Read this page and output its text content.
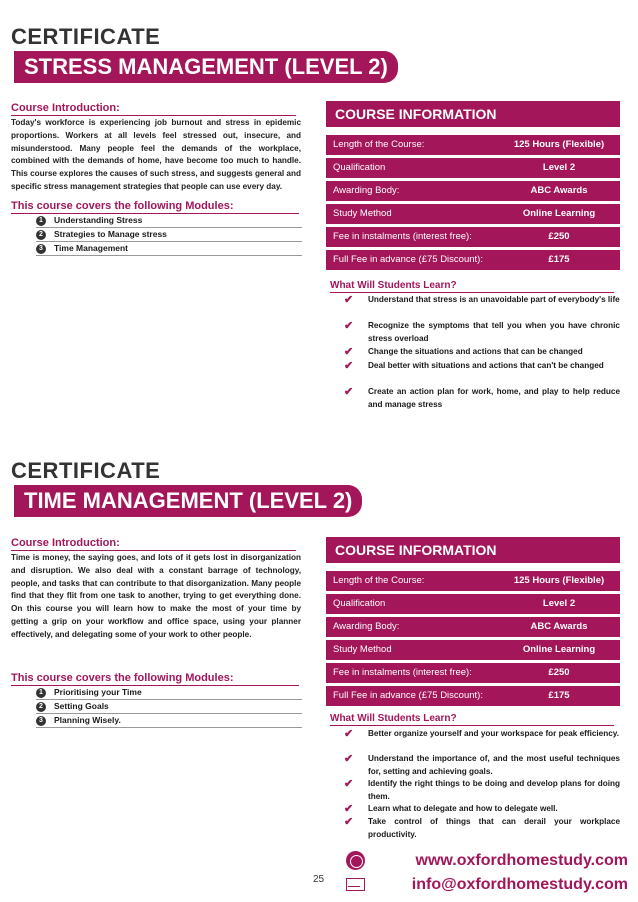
CERTIFICATE
STRESS MANAGEMENT (LEVEL 2)
Course Introduction:
Today's workforce is experiencing job burnout and stress in epidemic proportions. Workers at all levels feel stressed out, insecure, and misunderstood. Many people feel the demands of the workplace, combined with the demands of home, have become too much to handle. This course explores the causes of such stress, and suggests general and specific stress management strategies that people can use every day.
This course covers the following Modules:
1 Understanding Stress
2 Strategies to Manage stress
3 Time Management
COURSE INFORMATION
Length of the Course:	125 Hours (Flexible)
Qualification	Level 2
Awarding Body:	ABC Awards
Study Method	Online Learning
Fee in instalments (interest free):	£250
Full Fee in advance (£75 Discount):	£175
What Will Students Learn?
✔ Understand that stress is an unavoidable part of everybody's life
✔ Recognize the symptoms that tell you when you have chronic stress overload
✔ Change the situations and actions that can be changed
✔ Deal better with situations and actions that can't be changed
✔ Create an action plan for work, home, and play to help reduce and manage stress
CERTIFICATE
TIME MANAGEMENT (LEVEL 2)
Course Introduction:
Time is money, the saying goes, and lots of it gets lost in disorganization and disruption. We also deal with a constant barrage of technology, people, and tasks that can contribute to that disorganization. Many people find that they flit from one task to another, trying to get everything done. On this course you will learn how to make the most of your time by getting a grip on your workflow and office space, using your planner effectively, and delegating some of your work to other people.
This course covers the following Modules:
1 Prioritising your Time
2 Setting Goals
3 Planning Wisely.
COURSE INFORMATION
Length of the Course:	125 Hours (Flexible)
Qualification	Level 2
Awarding Body:	ABC Awards
Study Method	Online Learning
Fee in instalments (interest free):	£250
Full Fee in advance (£75 Discount):	£175
What Will Students Learn?
✔ Better organize yourself and your workspace for peak efficiency.
✔ Understand the importance of, and the most useful techniques for, setting and achieving goals.
✔ Identify the right things to be doing and develop plans for doing them.
✔ Learn what to delegate and how to delegate well.
✔ Take control of things that can derail your workplace productivity.
25
www.oxfordhomestudy.com
info@oxfordhomestudy.com
